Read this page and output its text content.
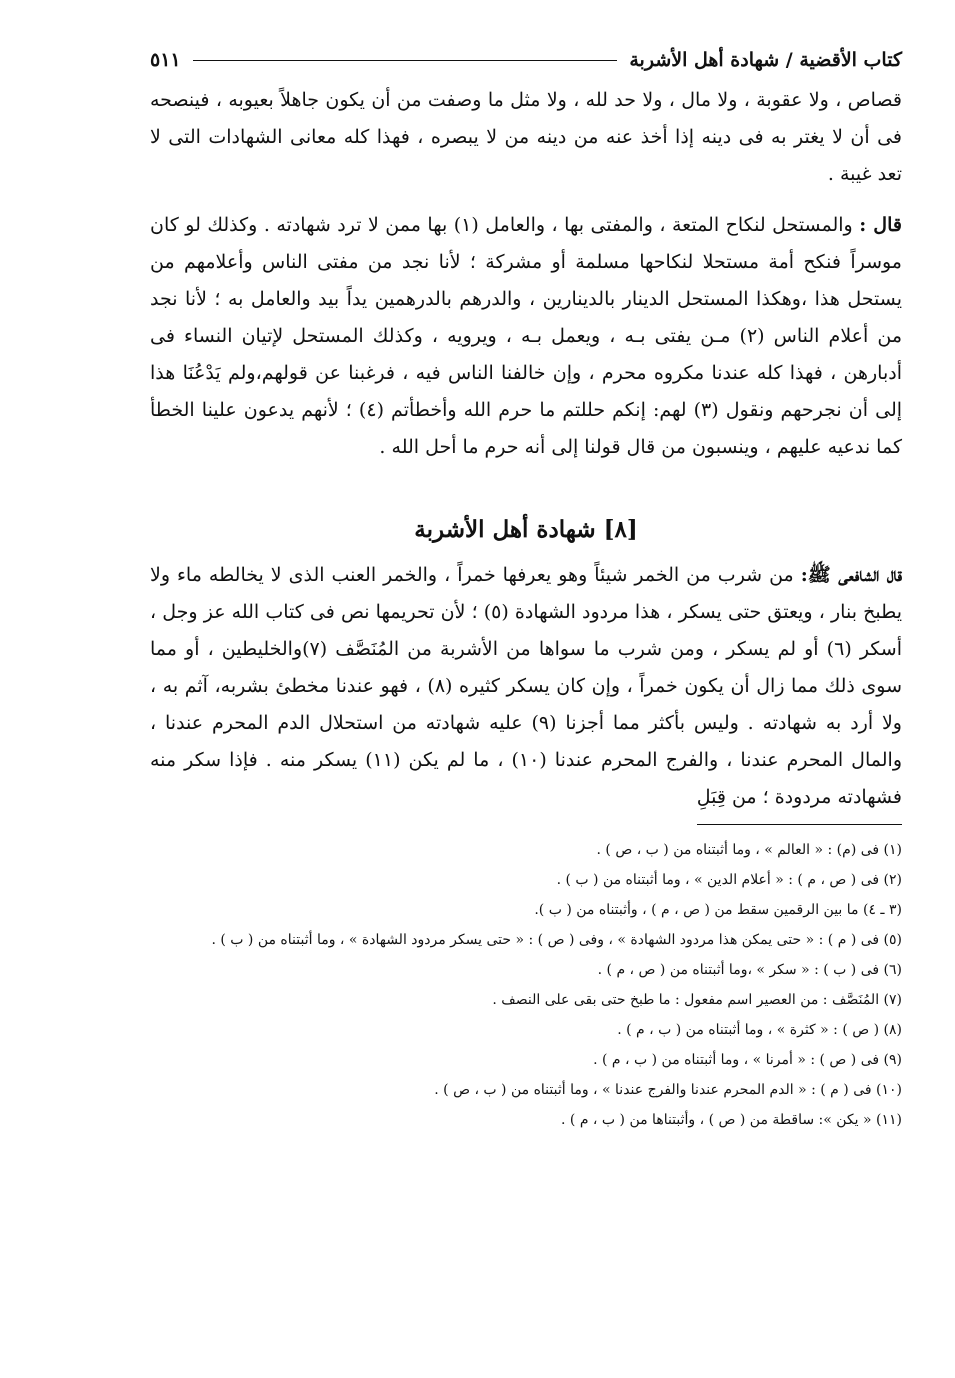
كتاب الأقضية / شهادة أهل الأشربة
٥١١

قصاص ، ولا عقوبة ، ولا مال ، ولا حد لله ، ولا مثل ما وصفت من أن يكون جاهلاً بعيوبه ، فينصحه فى أن لا يغتر به فى دينه إذا أخذ عنه من دينه من لا يبصره ، فهذا كله معانى الشهادات التى لا تعد غيبة .

قال : والمستحل لنكاح المتعة ، والمفتى بها ، والعامل (١) بها ممن لا ترد شهادته . وكذلك لو كان موسراً فنكح أمة مستحلا لنكاحها مسلمة أو مشركة ؛ لأنا نجد من مفتى الناس وأعلامهم من يستحل هذا ،وهكذا المستحل الدينار بالدينارين ، والدرهم بالدرهمين يداً بيد والعامل به ؛ لأنا نجد من أعلام الناس (٢) مـن يفتى بـه ، ويعمل بـه ، ويرويه ، وكذلك المستحل لإتيان النساء فى أدبارهن ، فهذا كله عندنا مكروه محرم ، وإن خالفنا الناس فيه ، فرغبنا عن قولهم،ولم يَدْعُنَا هذا إلى أن نجرحهم ونقول (٣) لهم: إنكم حللتم ما حرم الله وأخطأتم (٤) ؛ لأنهم يدعون علينا الخطأ كما ندعيه عليهم ، وينسبون من قال قولنا إلى أنه حرم ما أحل الله .

[٨] شهادة أهل الأشربة

قال الشافعى ﷺ: من شرب من الخمر شيئاً وهو يعرفها خمراً ، والخمر العنب الذى لا يخالطه ماء ولا يطبخ بنار ، ويعتق حتى يسكر ، هذا مردود الشهادة (٥) ؛ لأن تحريمها نص فى كتاب الله عز وجل ، أسكر (٦) أو لم يسكر ، ومن شرب ما سواها من الأشربة من المُنَصَّف (٧)والخليطين ، أو مما سوى ذلك مما زال أن يكون خمراً ، وإن كان يسكر كثيره (٨) ، فهو عندنا مخطئ بشربه، آثم به ، ولا أرد به شهادته . وليس بأكثر مما أجزنا (٩) عليه شهادته من استحلال الدم المحرم عندنا ، والمال المحرم عندنا ، والفرج المحرم عندنا (١٠) ، ما لم يكن (١١) يسكر منه . فإذا سكر منه فشهادته مردودة ؛ من قِبَلِ

(١) فى (م) : « العالم » ، وما أثبتناه من ( ب ، ص ) .

(٢) فى ( ص ، م ) : « أعلام الدين » ، وما أثبتناه من ( ب ) .

(٣ ـ ٤) ما بين الرقمين سقط من ( ص ، م ) ، وأثبتناه من ( ب ).

(٥) فى ( م ) : « حتى يمكن هذا مردود الشهادة » ، وفى ( ص ) : « حتى يسكر مردود الشهادة » ، وما أثبتناه من ( ب ) .

(٦) فى ( ب ) : « سكر » ،وما أثبتناه من ( ص ، م ) .

(٧) المُنَصَّف : من العصير اسم مفعول : ما طبخ حتى بقى على النصف .

(٨) ( ص ) : « كثرة » ، وما أثبتناه من ( ب ، م ) .

(٩) فى ( ص ) : « أمرنا » ، وما أثبتناه من ( ب ، م ) .

(١٠) فى ( م ) : « الدم المحرم عندنا والفرج عندنا » ، وما أثبتناه من ( ب ، ص ) .

(١١) « يكن »: ساقطة من ( ص ) ، وأثبتناها من ( ب ، م ) .
